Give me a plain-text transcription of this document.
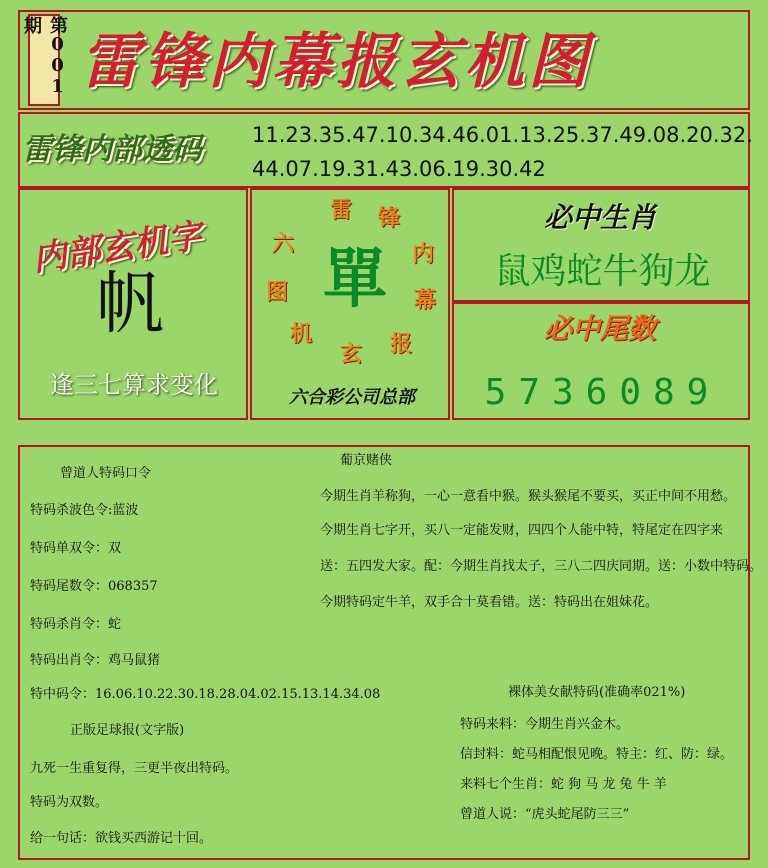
第001期
雷锋内幕报玄机图
雷锋内部透码	11.23.35.47.10.34.46.01.13.25.37.49.08.20.32.
44.07.19.31.43.06.19.30.42
内部玄机字
帆
逢三七算求变化
雷	锋
内
幕
报
玄
机
图
六 單
六合彩公司总部
必中生肖
鼠鸡蛇牛狗龙
必中尾数
5736089
曾道人特码口令
特码杀波色令:蓝波
特码单双令：双
特码尾数令：068357
特码杀肖令：蛇
特码出肖令：鸡马鼠猪
特中码令：16.06.10.22.30.18.28.04.02.15.13.14.34.08
正版足球报(文字版)
九死一生重复得，三更半夜出特码。
特码为双数。
给一句话：欲钱买西游记十回。
葡京赌侠
今期生肖羊称狗，一心一意看中猴。猴头猴尾不要买，买正中间不用愁。
今期生肖七字开，买八一定能发财，四四个人能中特，特尾定在四字来
送：五四发大家。配：今期生肖找太子，三八二四庆同期。送：小数中特码。
今期特码定牛羊，双手合十莫看错。送：特码出在姐妹花。
裸体美女献特码(准确率021%)
特码来料：今期生肖兴金木。
信封料：蛇马相配恨见晚。特主：红、防：绿。
来料七个生肖：蛇 狗 马 龙 兔 牛 羊
曾道人说：“虎头蛇尾防三三”
